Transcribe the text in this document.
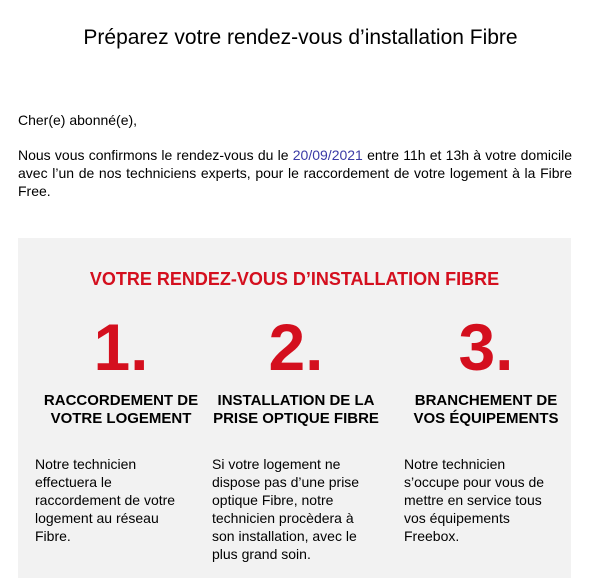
Préparez votre rendez-vous d’installation Fibre
Cher(e) abonné(e),
Nous vous confirmons le rendez-vous du le 20/09/2021 entre 11h et 13h à votre domicile avec l’un de nos techniciens experts, pour le raccordement de votre logement à la Fibre Free.
VOTRE RENDEZ-VOUS D’INSTALLATION FIBRE
1.
RACCORDEMENT DE
VOTRE LOGEMENT
Notre technicien effectuera le raccordement de votre logement au réseau Fibre.
2.
INSTALLATION DE LA
PRISE OPTIQUE FIBRE
Si votre logement ne dispose pas d’une prise optique Fibre, notre technicien procèdera à son installation, avec le plus grand soin.
3.
BRANCHEMENT DE
VOS ÉQUIPEMENTS
Notre technicien s’occupe pour vous de mettre en service tous vos équipements Freebox.
